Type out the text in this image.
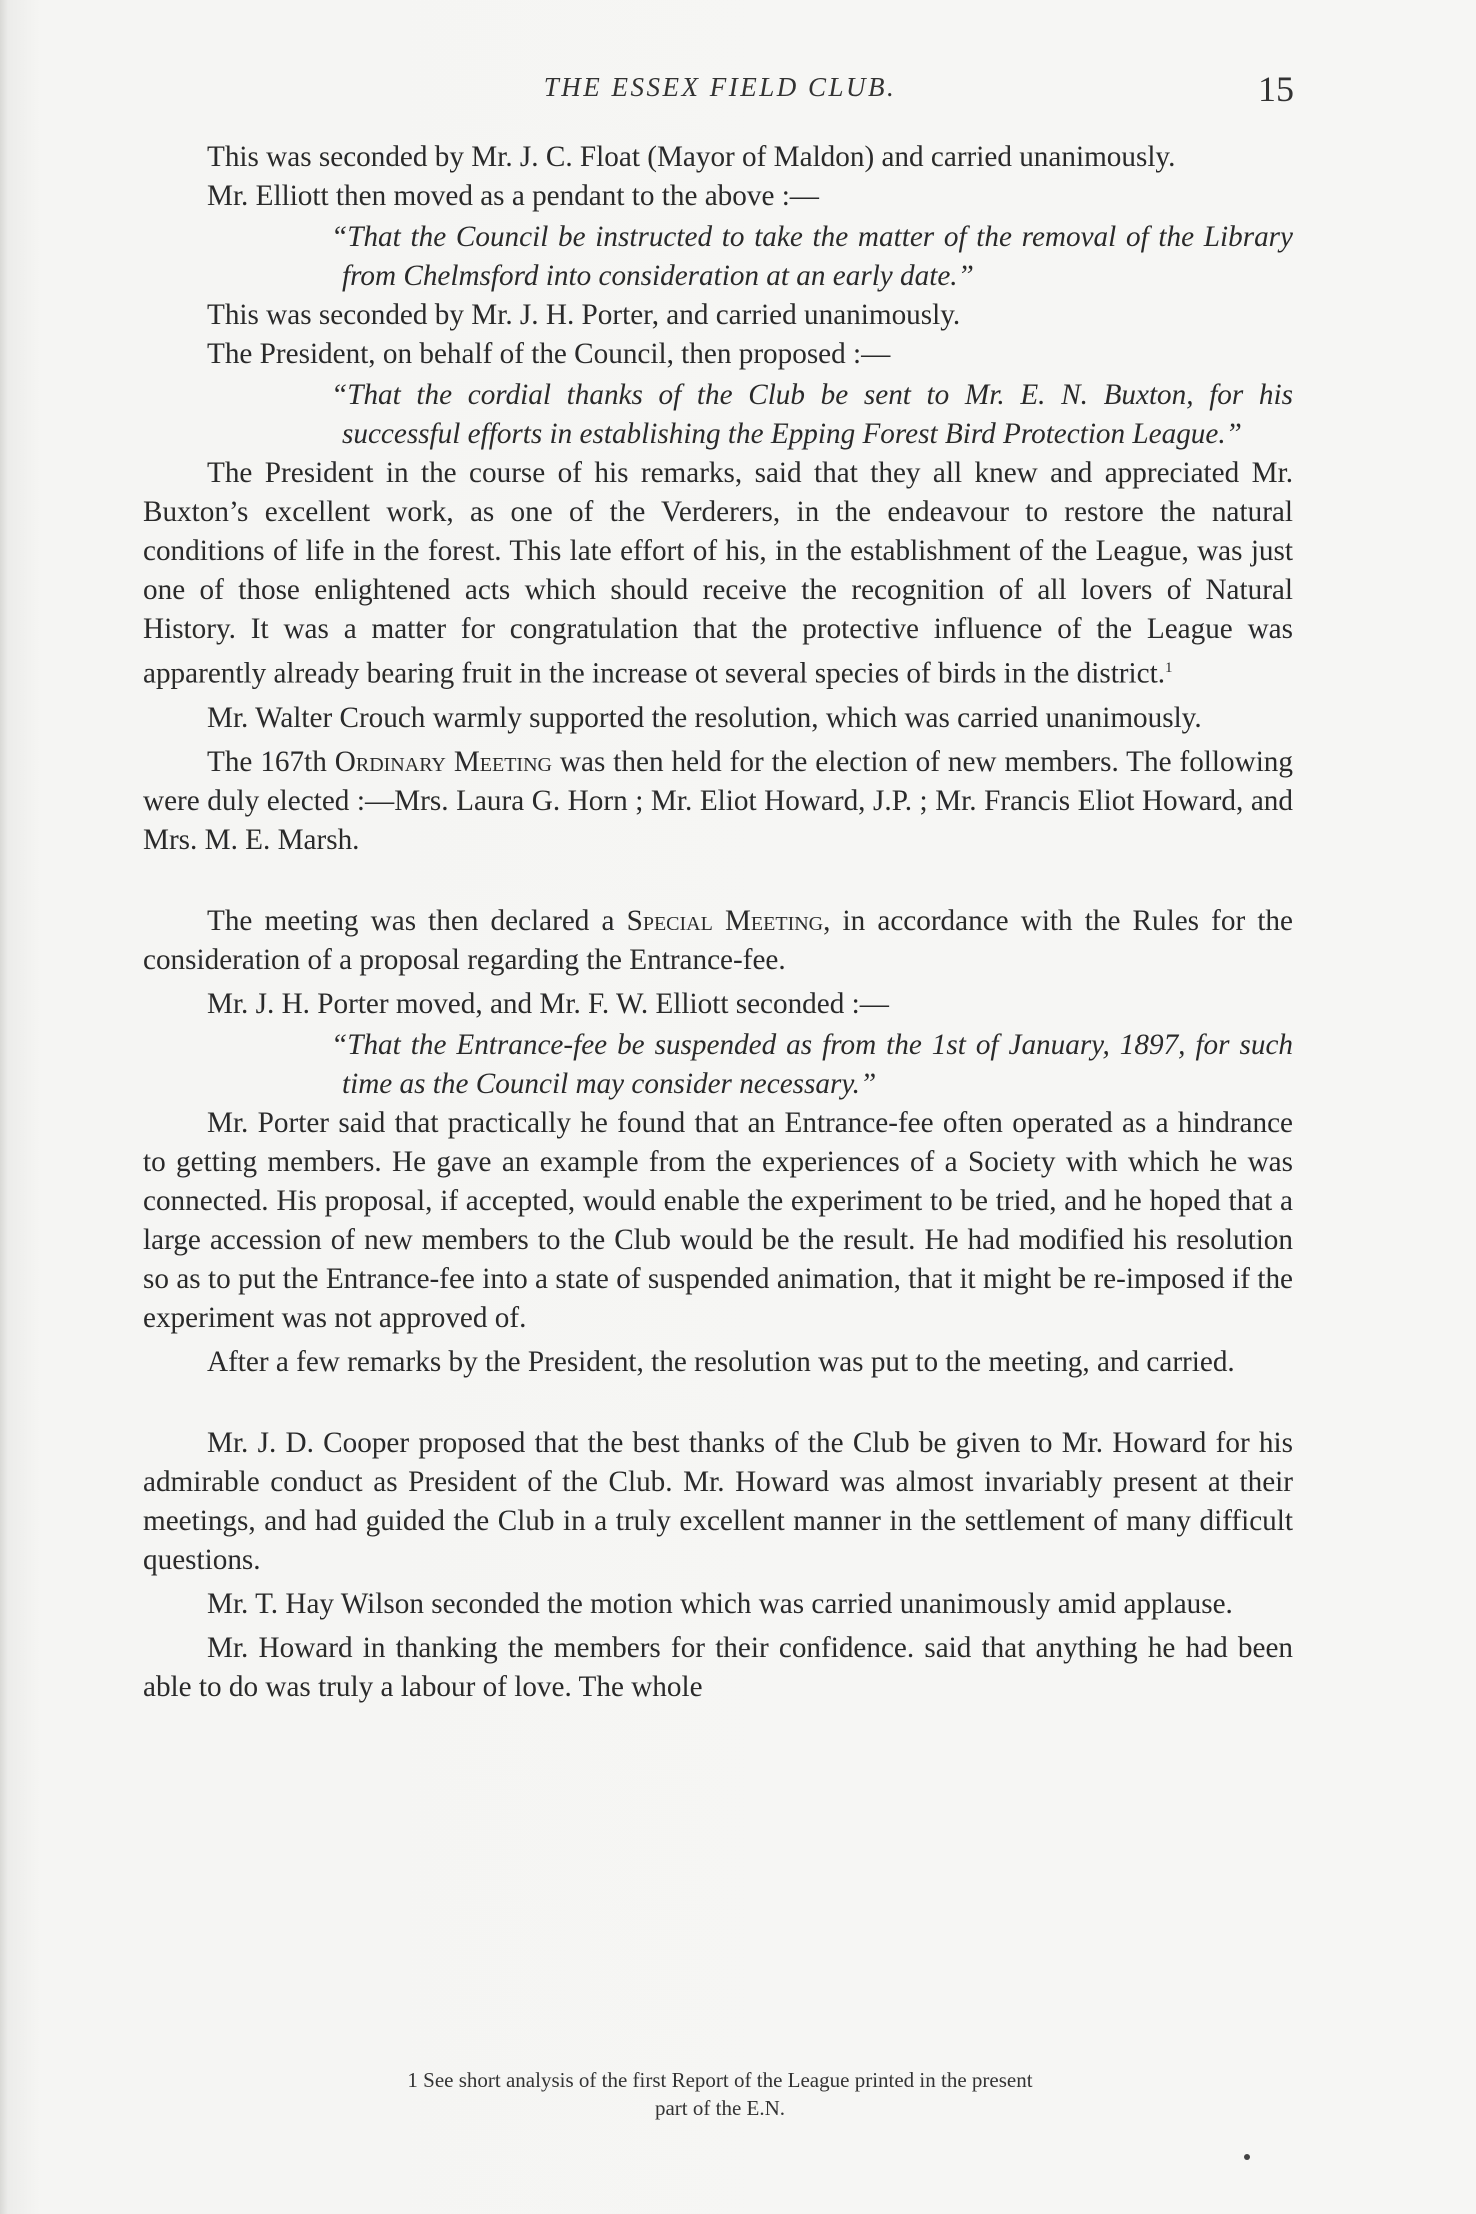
THE ESSEX FIELD CLUB.	15

This was seconded by Mr. J. C. Float (Mayor of Maldon) and carried unanimously.

Mr. Elliott then moved as a pendant to the above :—

“That the Council be instructed to take the matter of the removal of the Library from Chelmsford into consideration at an early date.”

This was seconded by Mr. J. H. Porter, and carried unanimously.

The President, on behalf of the Council, then proposed :—

“That the cordial thanks of the Club be sent to Mr. E. N. Buxton, for his successful efforts in establishing the Epping Forest Bird Protection League.”

The President in the course of his remarks, said that they all knew and appreciated Mr. Buxton’s excellent work, as one of the Verderers, in the endeavour to restore the natural conditions of life in the forest. This late effort of his, in the establishment of the League, was just one of those enlightened acts which should receive the recognition of all lovers of Natural History. It was a matter for congratulation that the protective influence of the League was apparently already bearing fruit in the increase ot several species of birds in the district.$^1$

Mr. Walter Crouch warmly supported the resolution, which was carried unanimously.

The 167th Ordinary Meeting was then held for the election of new members. The following were duly elected :—Mrs. Laura G. Horn ; Mr. Eliot Howard, J.P. ; Mr. Francis Eliot Howard, and Mrs. M. E. Marsh.

The meeting was then declared a Special Meeting, in accordance with the Rules for the consideration of a proposal regarding the Entrance-fee.

Mr. J. H. Porter moved, and Mr. F. W. Elliott seconded :—

“That the Entrance-fee be suspended as from the 1st of January, 1897, for such time as the Council may consider necessary.”

Mr. Porter said that practically he found that an Entrance-fee often operated as a hindrance to getting members. He gave an example from the experiences of a Society with which he was connected. His proposal, if accepted, would enable the experiment to be tried, and he hoped that a large accession of new members to the Club would be the result. He had modified his resolution so as to put the Entrance-fee into a state of suspended animation, that it might be re-imposed if the experiment was not approved of.

After a few remarks by the President, the resolution was put to the meeting, and carried.

Mr. J. D. Cooper proposed that the best thanks of the Club be given to Mr. Howard for his admirable conduct as President of the Club. Mr. Howard was almost invariably present at their meetings, and had guided the Club in a truly excellent manner in the settlement of many difficult questions.

Mr. T. Hay Wilson seconded the motion which was carried unanimously amid applause.

Mr. Howard in thanking the members for their confidence. said that anything he had been able to do was truly a labour of love. The whole

1 See short analysis of the first Report of the League printed in the present
part of the E.N.
